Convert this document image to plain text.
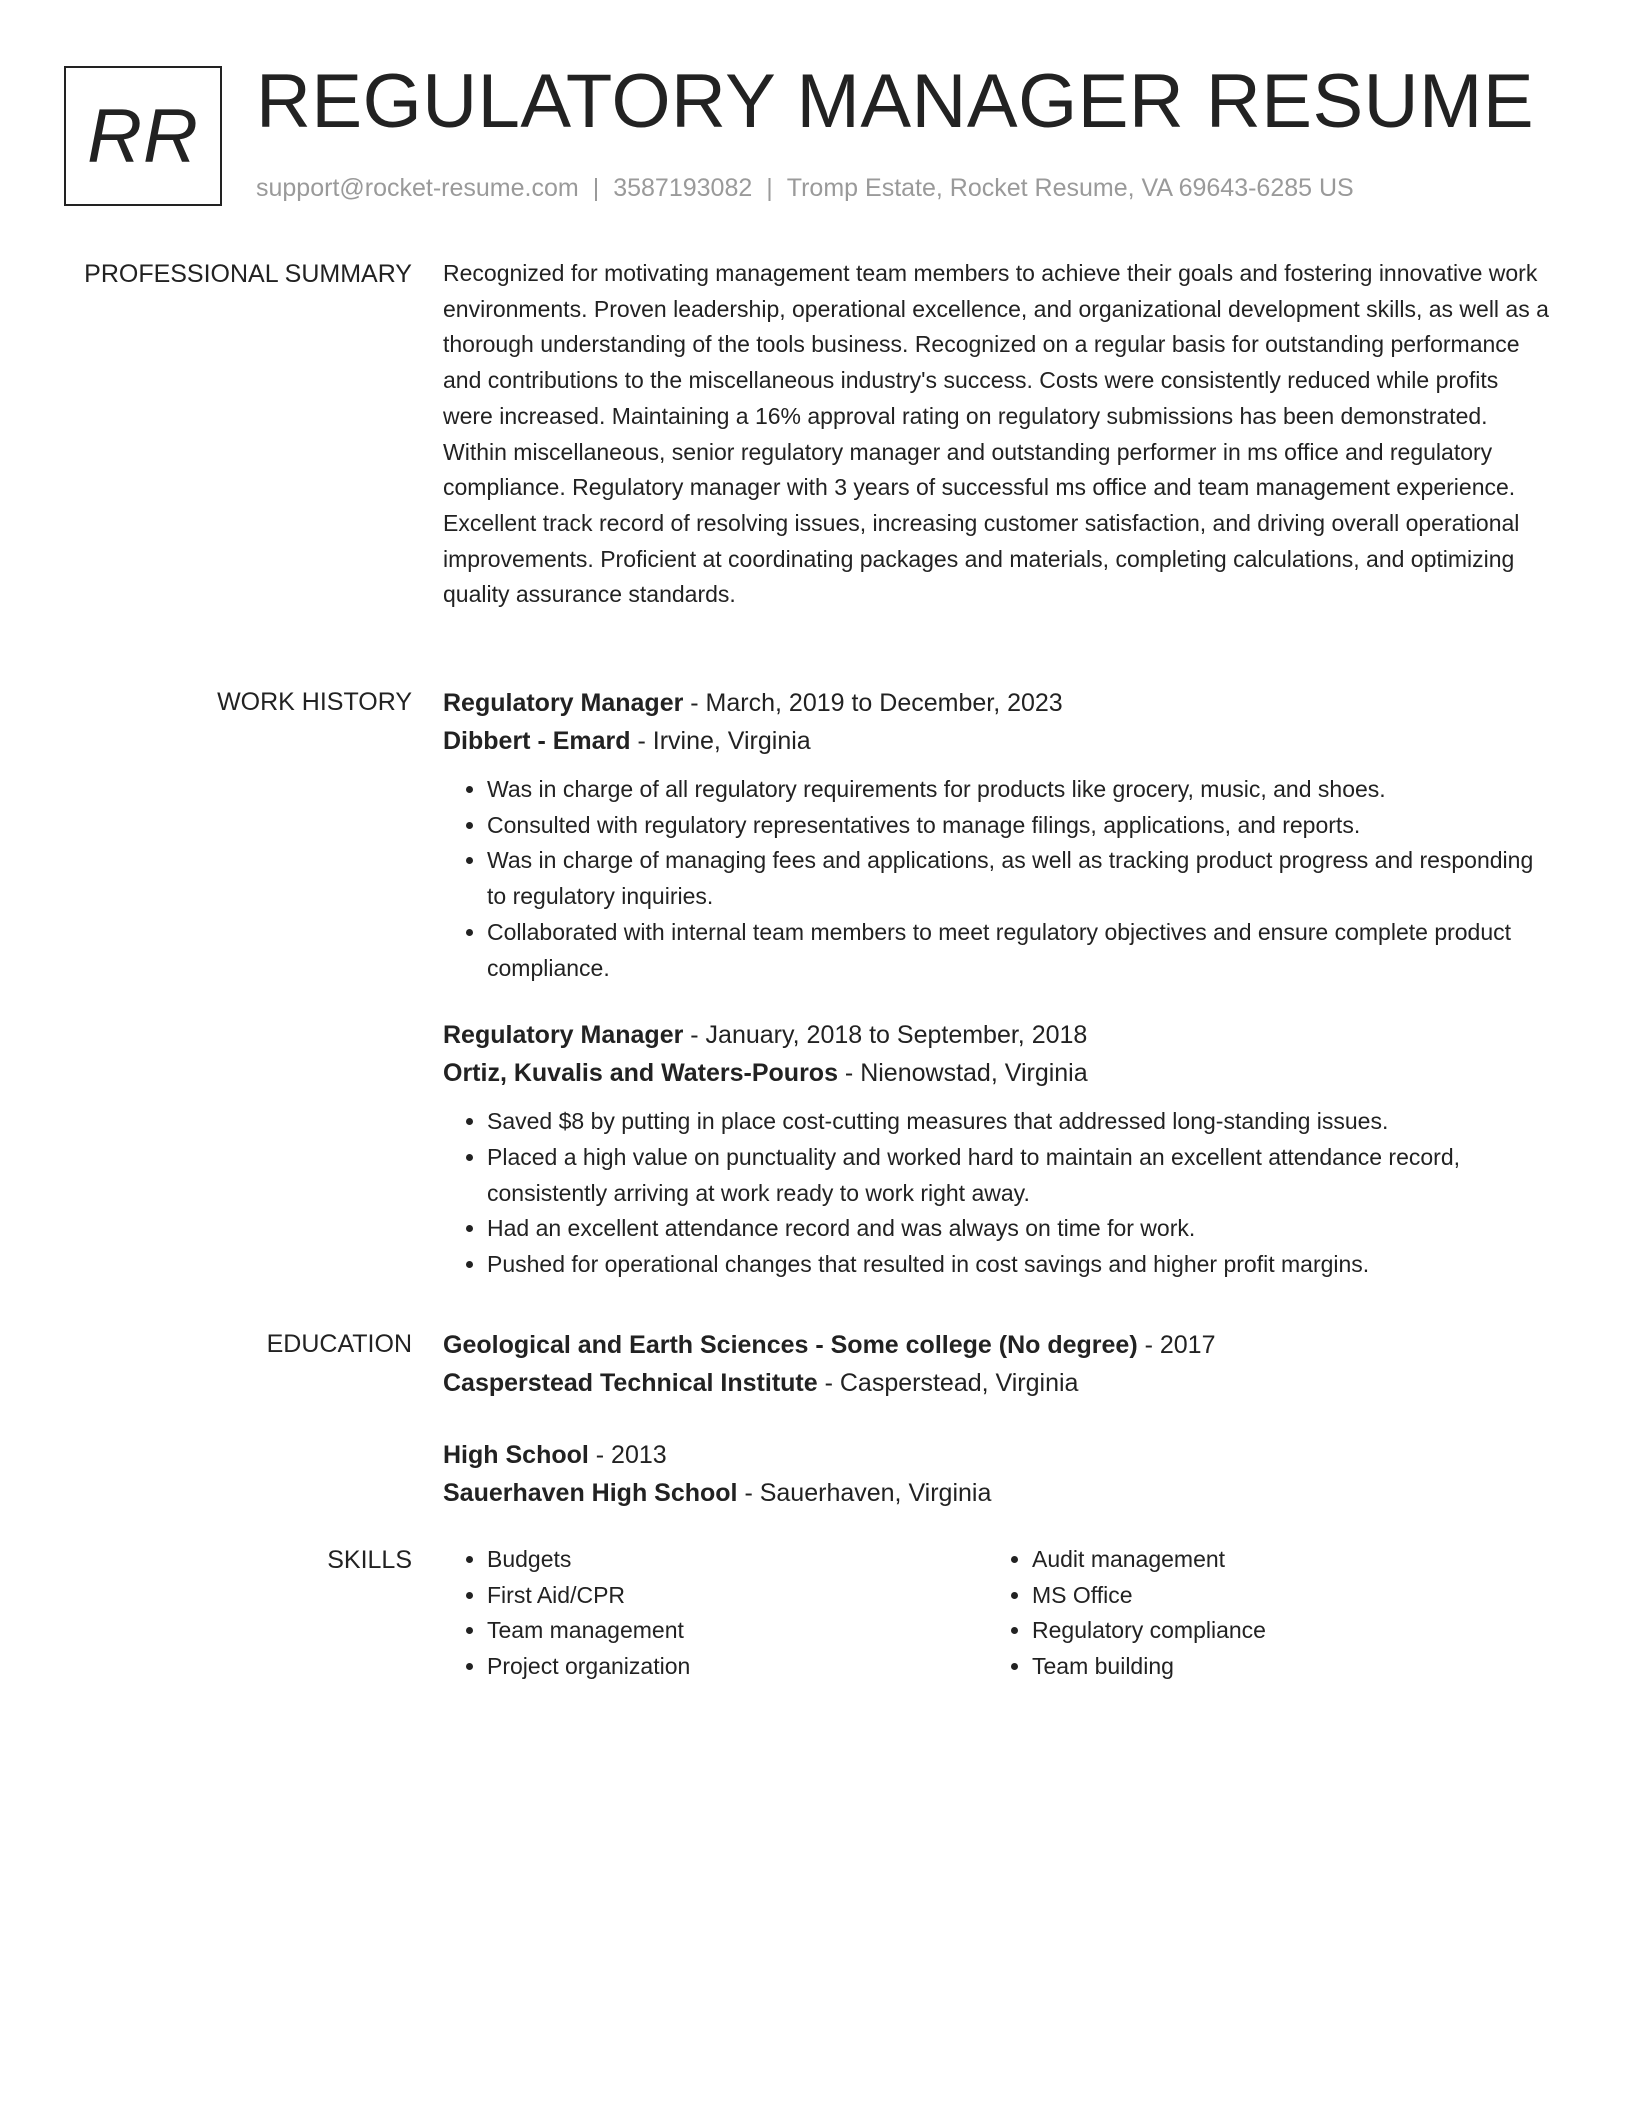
RR REGULATORY MANAGER RESUME
support@rocket-resume.com | 3587193082 | Tromp Estate, Rocket Resume, VA 69643-6285 US
PROFESSIONAL SUMMARY Recognized for motivating management team members to achieve their goals and fostering innovative work environments. Proven leadership, operational excellence, and organizational development skills, as well as a thorough understanding of the tools business. Recognized on a regular basis for outstanding performance and contributions to the miscellaneous industry's success. Costs were consistently reduced while profits were increased. Maintaining a 16% approval rating on regulatory submissions has been demonstrated. Within miscellaneous, senior regulatory manager and outstanding performer in ms office and regulatory compliance. Regulatory manager with 3 years of successful ms office and team management experience. Excellent track record of resolving issues, increasing customer satisfaction, and driving overall operational improvements. Proficient at coordinating packages and materials, completing calculations, and optimizing quality assurance standards.

WORK HISTORY Regulatory Manager - March, 2019 to December, 2023
Dibbert - Emard - Irvine, Virginia
• Was in charge of all regulatory requirements for products like grocery, music, and shoes.
• Consulted with regulatory representatives to manage filings, applications, and reports.
• Was in charge of managing fees and applications, as well as tracking product progress and responding to regulatory inquiries.
• Collaborated with internal team members to meet regulatory objectives and ensure complete product compliance.
Regulatory Manager - January, 2018 to September, 2018
Ortiz, Kuvalis and Waters-Pouros - Nienowstad, Virginia
• Saved $8 by putting in place cost-cutting measures that addressed long-standing issues.
• Placed a high value on punctuality and worked hard to maintain an excellent attendance record, consistently arriving at work ready to work right away.
• Had an excellent attendance record and was always on time for work.
• Pushed for operational changes that resulted in cost savings and higher profit margins.
EDUCATION Geological and Earth Sciences - Some college (No degree) - 2017
Casperstead Technical Institute - Casperstead, Virginia
High School - 2013
Sauerhaven High School - Sauerhaven, Virginia
SKILLS
•	Budgets
• First Aid/CPR
• Team management
• Project organization
• Audit management
• MS Office
• Regulatory compliance
• Team building
